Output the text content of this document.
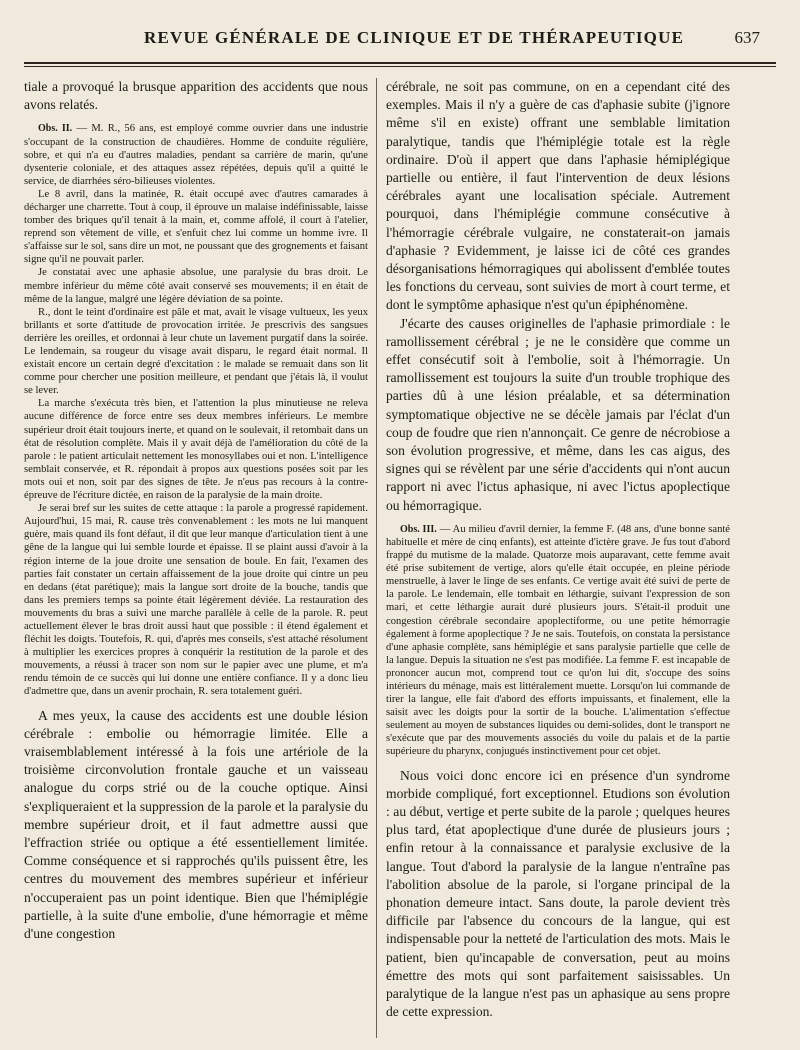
REVUE GÉNÉRALE DE CLINIQUE ET DE THÉRAPEUTIQUE	637

tiale a provoqué la brusque apparition des accidents que nous avons relatés.

Obs. II. — M. R., 56 ans, est employé comme ouvrier dans une industrie s'occupant de la construction de chaudières. Homme de conduite régulière, sobre, et qui n'a eu d'autres maladies, pendant sa carrière de marin, qu'une dysenterie coloniale, et des attaques assez répétées, depuis qu'il a quitté le service, de diarrhées séro-bilieuses violentes.

Le 8 avril, dans la matinée, R. était occupé avec d'autres camarades à décharger une charrette. Tout à coup, il éprouve un malaise indéfinissable, laisse tomber des briques qu'il tenait à la main, et, comme affolé, il court à l'atelier, reprend son vêtement de ville, et s'enfuit chez lui comme un homme ivre. Il s'affaisse sur le sol, sans dire un mot, ne poussant que des grognements et faisant signe qu'il ne pouvait parler.

Je constatai avec une aphasie absolue, une paralysie du bras droit. Le membre inférieur du même côté avait conservé ses mouvements; il en était de même de la langue, malgré une légère déviation de sa pointe.

R., dont le teint d'ordinaire est pâle et mat, avait le visage vultueux, les yeux brillants et sorte d'attitude de provocation irritée. Je prescrivis des sangsues derrière les oreilles, et ordonnai à leur chute un lavement purgatif dans la soirée. Le lendemain, sa rougeur du visage avait disparu, le regard était normal. Il existait encore un certain degré d'excitation : le malade se remuait dans son lit comme pour chercher une position meilleure, et pendant que j'étais là, il voulut se lever.

La marche s'exécuta très bien, et l'attention la plus minutieuse ne releva aucune différence de force entre ses deux membres inférieurs. Le membre supérieur droit était toujours inerte, et quand on le soulevait, il retombait dans un état de résolution complète. Mais il y avait déjà de l'amélioration du côté de la parole : le patient articulait nettement les monosyllabes oui et non. L'intelligence semblait conservée, et R. répondait à propos aux questions posées soit par les mots oui et non, soit par des signes de tête. Je n'eus pas recours à la contre-épreuve de l'écriture dictée, en raison de la paralysie de la main droite.

Je serai bref sur les suites de cette attaque : la parole a progressé rapidement. Aujourd'hui, 15 mai, R. cause très convenablement : les mots ne lui manquent guère, mais quand ils font défaut, il dit que leur manque d'articulation tient à une gêne de la langue qui lui semble lourde et épaisse. Il se plaint aussi d'avoir à la région interne de la joue droite une sensation de boule. En fait, l'examen des parties fait constater un certain affaissement de la joue droite qui cintre un peu en dedans (état parétique); mais la langue sort droite de la bouche, tandis que dans les premiers temps sa pointe était légèrement déviée. La restauration des mouvements du bras a suivi une marche parallèle à celle de la parole. R. peut actuellement élever le bras droit aussi haut que possible : il étend également et fléchit les doigts. Toutefois, R. qui, d'après mes conseils, s'est attaché résolument à multiplier les exercices propres à conquérir la restitution de la parole et des mouvements, a réussi à tracer son nom sur le papier avec une plume, et m'a rendu témoin de ce succès qui lui donne une entière confiance. Il y a donc lieu d'admettre que, dans un avenir prochain, R. sera totalement guéri.

A mes yeux, la cause des accidents est une double lésion cérébrale : embolie ou hémorragie limitée. Elle a vraisemblablement intéressé à la fois une artériole de la troisième circonvolution frontale gauche et un vaisseau analogue du corps strié ou de la couche optique. Ainsi s'expliqueraient et la suppression de la parole et la paralysie du membre supérieur droit, et il faut admettre aussi que l'effraction striée ou optique a été essentiellement limitée. Comme conséquence et si rapprochés qu'ils puissent être, les centres du mouvement des membres supérieur et inférieur n'occuperaient pas un point identique. Bien que l'hémiplégie partielle, à la suite d'une embolie, d'une hémorragie et même d'une congestion

cérébrale, ne soit pas commune, on en a cependant cité des exemples. Mais il n'y a guère de cas d'aphasie subite (j'ignore même s'il en existe) offrant une semblable limitation paralytique, tandis que l'hémiplégie totale est la règle ordinaire. D'où il appert que dans l'aphasie hémiplégique partielle ou entière, il faut l'intervention de deux lésions cérébrales ayant une localisation spéciale. Autrement pourquoi, dans l'hémiplégie commune consécutive à l'hémorragie cérébrale vulgaire, ne constaterait-on jamais d'aphasie ? Evidemment, je laisse ici de côté ces grandes désorganisations hémorragiques qui abolissent d'emblée toutes les fonctions du cerveau, sont suivies de mort à court terme, et dont le symptôme aphasique n'est qu'un épiphénomène.

J'écarte des causes originelles de l'aphasie primordiale : le ramollissement cérébral ; je ne le considère que comme un effet consécutif soit à l'embolie, soit à l'hémorragie. Un ramollissement est toujours la suite d'un trouble trophique des parties dû à une lésion préalable, et sa détermination symptomatique objective ne se décèle jamais par l'éclat d'un coup de foudre que rien n'annonçait. Ce genre de nécrobiose a son évolution progressive, et même, dans les cas aigus, des signes qui se révèlent par une série d'accidents qui n'ont aucun rapport ni avec l'ictus aphasique, ni avec l'ictus apoplectique ou hémorragique.

Obs. III. — Au milieu d'avril dernier, la femme F. (48 ans, d'une bonne santé habituelle et mère de cinq enfants), est atteinte d'ictère grave. Je fus tout d'abord frappé du mutisme de la malade. Quatorze mois auparavant, cette femme avait été prise subitement de vertige, alors qu'elle était occupée, en pleine période menstruelle, à laver le linge de ses enfants. Ce vertige avait été suivi de perte de la parole. Le lendemain, elle tombait en léthargie, suivant l'expression de son mari, et cette léthargie aurait duré plusieurs jours. S'était-il produit une congestion cérébrale secondaire apoplectiforme, ou une petite hémorragie également à forme apoplectique ? Je ne sais. Toutefois, on constata la persistance d'une aphasie complète, sans hémiplégie et sans paralysie partielle que celle de la langue. Depuis la situation ne s'est pas modifiée. La femme F. est incapable de prononcer aucun mot, comprend tout ce qu'on lui dit, s'occupe des soins intérieurs du ménage, mais est littéralement muette. Lorsqu'on lui commande de tirer la langue, elle fait d'abord des efforts impuissants, et finalement, elle la saisit avec les doigts pour la sortir de la bouche. L'alimentation s'effectue seulement au moyen de substances liquides ou demi-solides, dont le transport ne s'exécute que par des mouvements associés du voile du palais et de la partie supérieure du pharynx, conjugués instinctivement pour cet objet.

Nous voici donc encore ici en présence d'un syndrome morbide compliqué, fort exceptionnel. Etudions son évolution : au début, vertige et perte subite de la parole ; quelques heures plus tard, état apoplectique d'une durée de plusieurs jours ; enfin retour à la connaissance et paralysie exclusive de la langue. Tout d'abord la paralysie de la langue n'entraîne pas l'abolition absolue de la parole, si l'organe principal de la phonation demeure intact. Sans doute, la parole devient très difficile par l'absence du concours de la langue, qui est indispensable pour la netteté de l'articulation des mots. Mais le patient, bien qu'incapable de conversation, peut au moins émettre des mots qui sont parfaitement saisissables. Un paralytique de la langue n'est pas un aphasique au sens propre de cette expression.
